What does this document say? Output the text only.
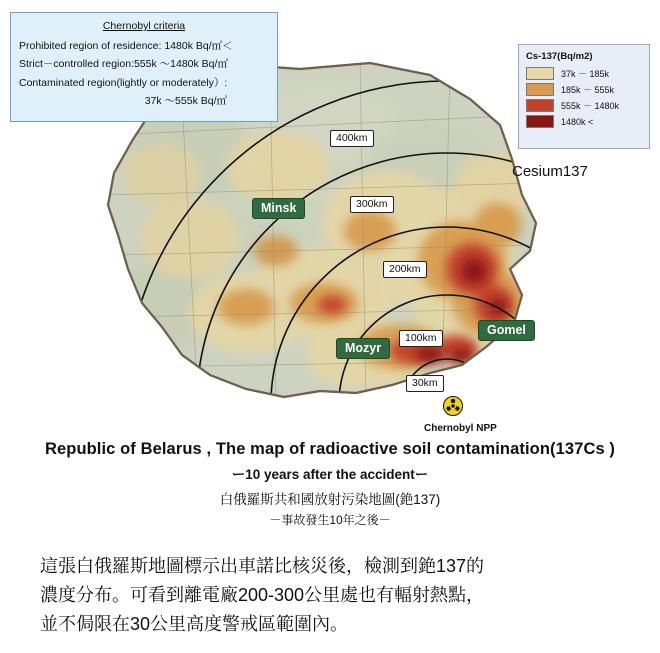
Chernobyl criteria
Prohibited region of residence: 1480k Bq/㎡＜
Strict－controlled region:555k ～1480k Bq/㎡
Contaminated region(lightly or moderately）:
37k ～555k Bq/㎡
Cs-137(Bq/m2)
37k － 185k
185k － 555k
555k － 1480k
1480k <
Cesium137
Minsk
Gomel
Mozyr
400km
300km
200km
100km
30km
Chernobyl NPP
Republic of Belarus , The map of radioactive soil contamination(137Cs )
ー10 years after the accidentー
白俄羅斯共和國放射污染地圖(銫137)
－事故發生10年之後－

這張白俄羅斯地圖標示出車諾比核災後，檢測到銫137的

濃度分布。可看到離電廠200-300公里處也有輻射熱點，

並不侷限在30公里高度警戒區範圍內。
